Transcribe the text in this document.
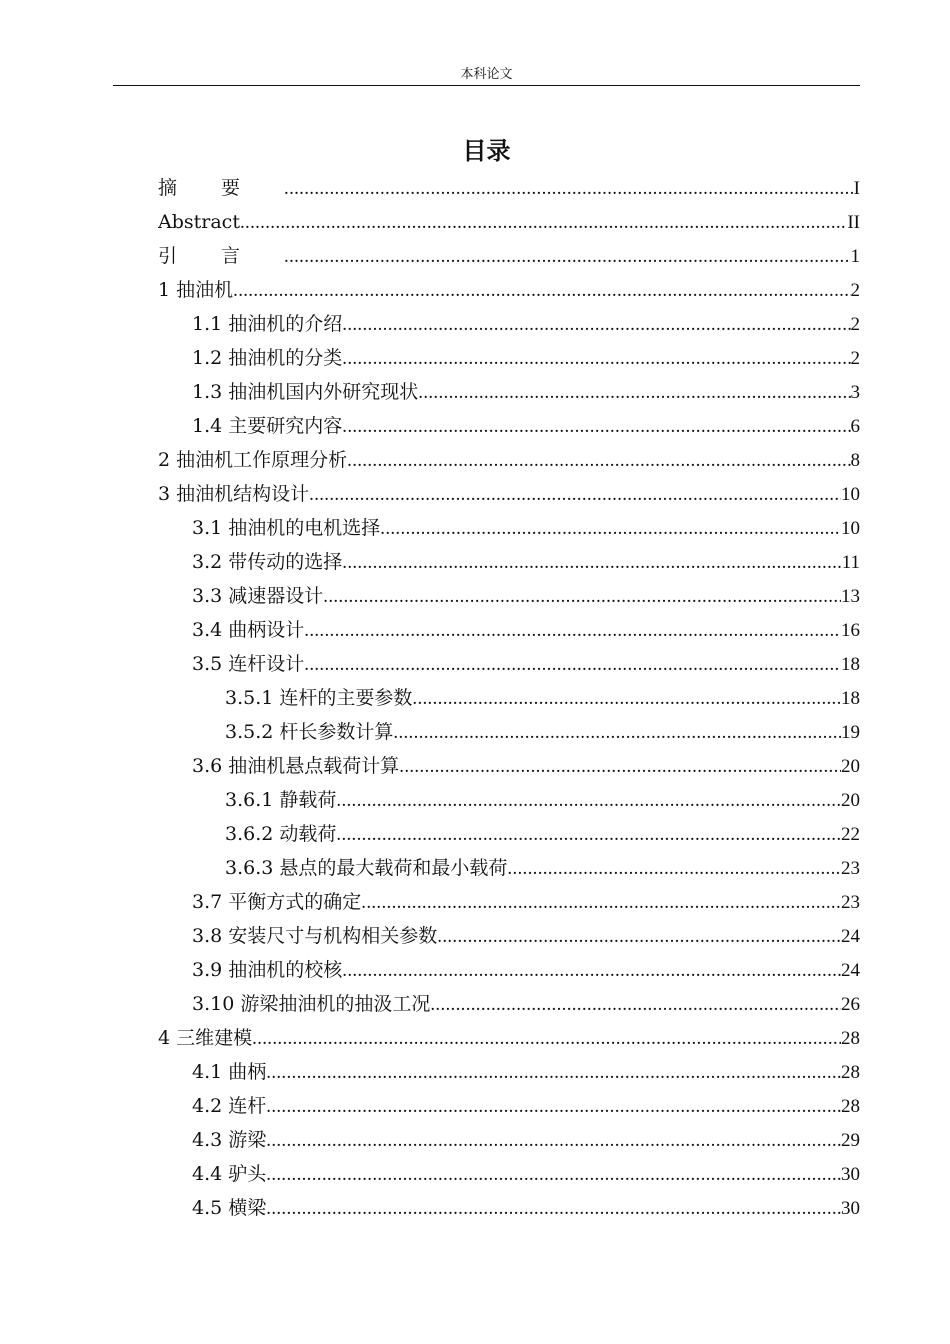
本科论文
目录
摘要 .....	I
Abstract .....	II
引言 .....	1
1 抽油机 .....	2
1.1 抽油机的介绍 .....	2
1.2 抽油机的分类 .....	2
1.3 抽油机国内外研究现状 .....	3
1.4 主要研究内容 .....	6
2 抽油机工作原理分析 .....	8
3 抽油机结构设计 .....	10
3.1 抽油机的电机选择 .....	10
3.2 带传动的选择 .....	11
3.3 减速器设计 .....	13
3.4 曲柄设计 .....	16
3.5 连杆设计 .....	18
3.5.1 连杆的主要参数 .....	18
3.5.2 杆长参数计算 .....	19
3.6 抽油机悬点载荷计算 .....	20
3.6.1 静载荷 .....	20
3.6.2 动载荷 .....	22
3.6.3 悬点的最大载荷和最小载荷 .....	23
3.7 平衡方式的确定 .....	23
3.8 安装尺寸与机构相关参数 .....	24
3.9 抽油机的校核 .....	24
3.10 游梁抽油机的抽汲工况 .....	26
4 三维建模 .....	28
4.1 曲柄 .....	28
4.2 连杆 .....	28
4.3 游梁 .....	29
4.4 驴头 .....	30
4.5 横梁 .....	30
